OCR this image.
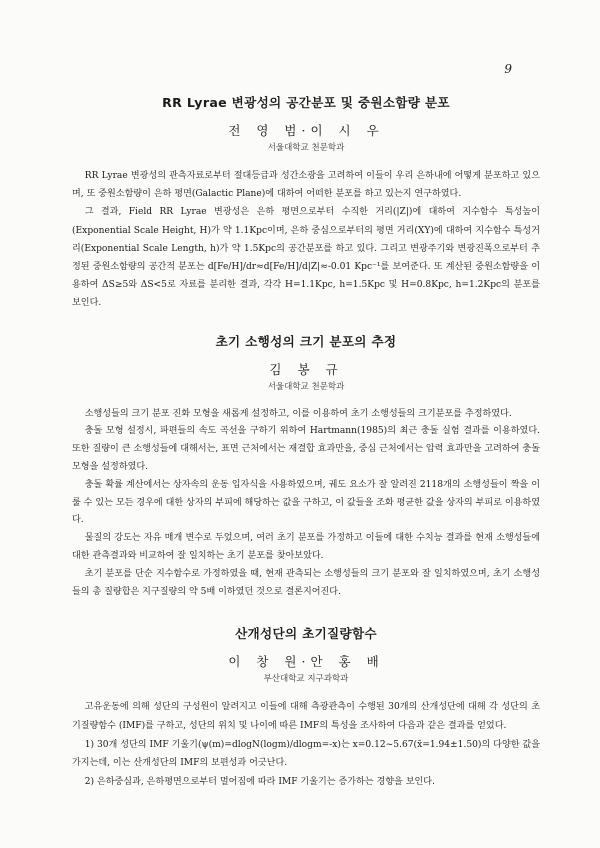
9
RR Lyrae 변광성의 공간분포 및 중원소함량 분포
전 영 범·이 시 우
서울대학교 천문학과

RR Lyrae 변광성의 관측자료로부터 절대등급과 성간소광을 고려하여 이들이 우리 은하내에 어떻게 분포하고 있으며, 또 중원소함량이 은하 평면(Galactic Plane)에 대하여 어떠한 분포를 하고 있는지 연구하였다.

그 결과, Field RR Lyrae 변광성은 은하 평면으로부터 수직한 거리(|Z|)에 대하여 지수함수 특성높이(Exponential Scale Height, H)가 약 1.1Kpc이며, 은하 중심으로부터의 평면 거리(XY)에 대하여 지수함수 특성거리(Exponential Scale Length, h)가 약 1.5Kpc의 공간분포를 하고 있다. 그리고 변광주기와 변광진폭으로부터 추정된 중원소함량의 공간적 분포는 d[Fe/H]/dr≈d[Fe/H]/d|Z|≈-0.01 Kpc⁻¹를 보여준다. 또 계산된 중원소함량을 이용하여 ΔS≥5와 ΔS<5로 자료를 분리한 결과, 각각 H=1.1Kpc, h=1.5Kpc 및 H=0.8Kpc, h=1.2Kpc의 분포를 보인다.

초기 소행성의 크기 분포의 추정
김 봉 규
서울대학교 천문학과

소행성들의 크기 분포 진화 모형을 새롭게 설정하고, 이를 이용하여 초기 소행성들의 크기분포를 추정하였다.

충돌 모형 설정시, 파편들의 속도 곡선을 구하기 위하여 Hartmann(1985)의 최근 충돌 실험 결과를 이용하였다. 또한 질량이 큰 소행성들에 대해서는, 표면 근처에서는 재결합 효과만을, 중심 근처에서는 압력 효과만을 고려하여 충돌 모형을 설정하였다.

충돌 확률 계산에서는 상자속의 운동 입자식을 사용하였으며, 궤도 요소가 잘 알려진 2118개의 소행성들이 짝을 이룰 수 있는 모든 경우에 대한 상자의 부피에 해당하는 값을 구하고, 이 값들을 조화 평균한 값을 상자의 부피로 이용하였다.

물질의 강도는 자유 매개 변수로 두었으며, 여러 초기 분포를 가정하고 이들에 대한 수치능 결과를 현재 소행성들에 대한 관측결과와 비교하여 잘 일치하는 초기 분포를 찾아보았다.

초기 분포를 단순 지수함수로 가정하였을 때, 현재 관측되는 소행성들의 크기 분포와 잘 일치하였으며, 초기 소행성들의 총 질량합은 지구질량의 약 5배 이하였던 것으로 결론지어진다.

산개성단의 초기질량함수
이 창 원·안 홍 배
부산대학교 지구과학과

고유운동에 의해 성단의 구성원이 알려지고 이들에 대해 측광관측이 수행된 30개의 산개성단에 대해 각 성단의 초기질량함수 (IMF)를 구하고, 성단의 위치 및 나이에 따른 IMF의 특성을 조사하여 다음과 같은 결과를 얻었다.

1) 30개 성단의 IMF 기울기(ψ(m)=dlogN(logm)/dlogm=-x)는 x=0.12~5.67(x̄=1.94±1.50)의 다양한 값을 가지는데, 이는 산개성단의 IMF의 보편성과 어긋난다.

2) 은하중심과, 은하평면으로부터 멀어짐에 따라 IMF 기울기는 증가하는 경향을 보인다.
